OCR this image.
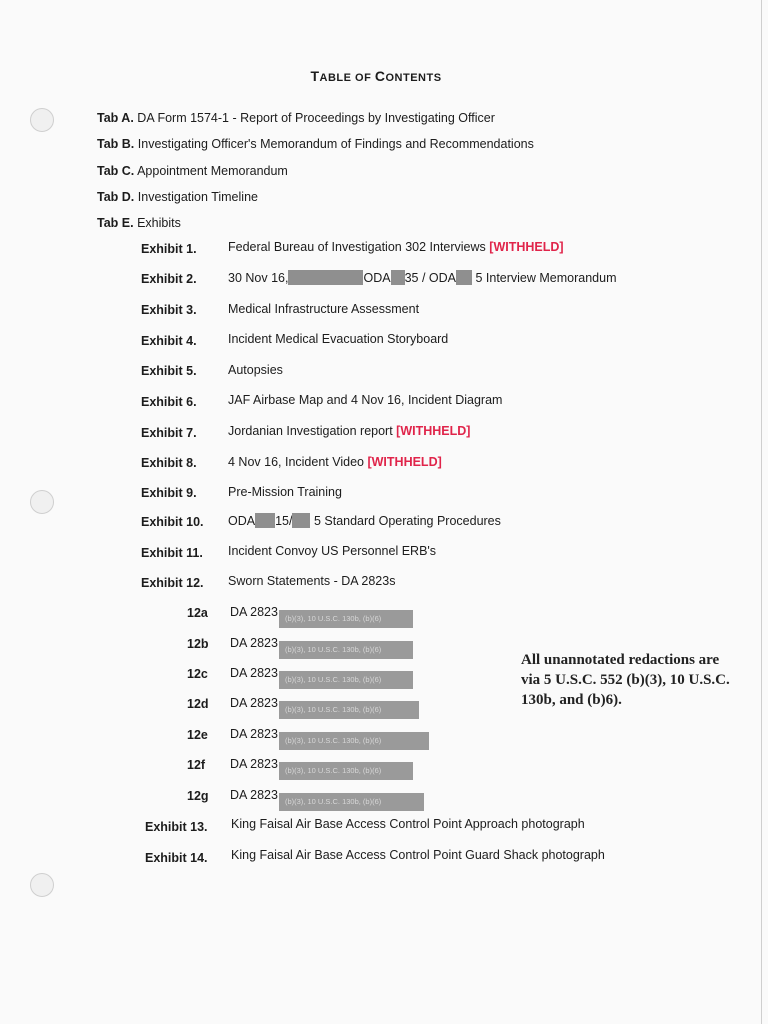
TABLE OF CONTENTS
Tab A. DA Form 1574-1 - Report of Proceedings by Investigating Officer
Tab B. Investigating Officer's Memorandum of Findings and Recommendations
Tab C. Appointment Memorandum
Tab D. Investigation Timeline
Tab E. Exhibits
Exhibit 1.	Federal Bureau of Investigation 302 Interviews [WITHHELD]
Exhibit 2.	30 Nov 16,	ODA 35 / ODA 5 Interview Memorandum
Exhibit 3.	Medical Infrastructure Assessment
Exhibit 4.	Incident Medical Evacuation Storyboard
Exhibit 5.	Autopsies
Exhibit 6.	JAF Airbase Map and 4 Nov 16, Incident Diagram
Exhibit 7.	Jordanian Investigation report [WITHHELD]
Exhibit 8.	4 Nov 16, Incident Video [WITHHELD]
Exhibit 9.	Pre-Mission Training
Exhibit 10. ODA 15/ 5 Standard Operating Procedures
Exhibit 11. Incident Convoy US Personnel ERB's
Exhibit 12. Sworn Statements - DA 2823s
12a DA 2823 (b)(3), 10 U.S.C. 130b, (b)(6)
12b DA 2823 (b)(3), 10 U.S.C. 130b, (b)(6)
12c DA 2823 (b)(3), 10 U.S.C. 130b, (b)(6)
12d DA 2823 (b)(3), 10 U.S.C. 130b, (b)(6)
12e DA 2823 (b)(3), 10 U.S.C. 130b, (b)(6)
12f DA 2823 (b)(3), 10 U.S.C. 130b, (b)(6)
12g DA 2823 (b)(3), 10 U.S.C. 130b, (b)(6)
All unannotated redactions are via 5 U.S.C. 552 (b)(3), 10 U.S.C. 130b, and (b)6).
Exhibit 13. King Faisal Air Base Access Control Point Approach photograph
Exhibit 14. King Faisal Air Base Access Control Point Guard Shack photograph
